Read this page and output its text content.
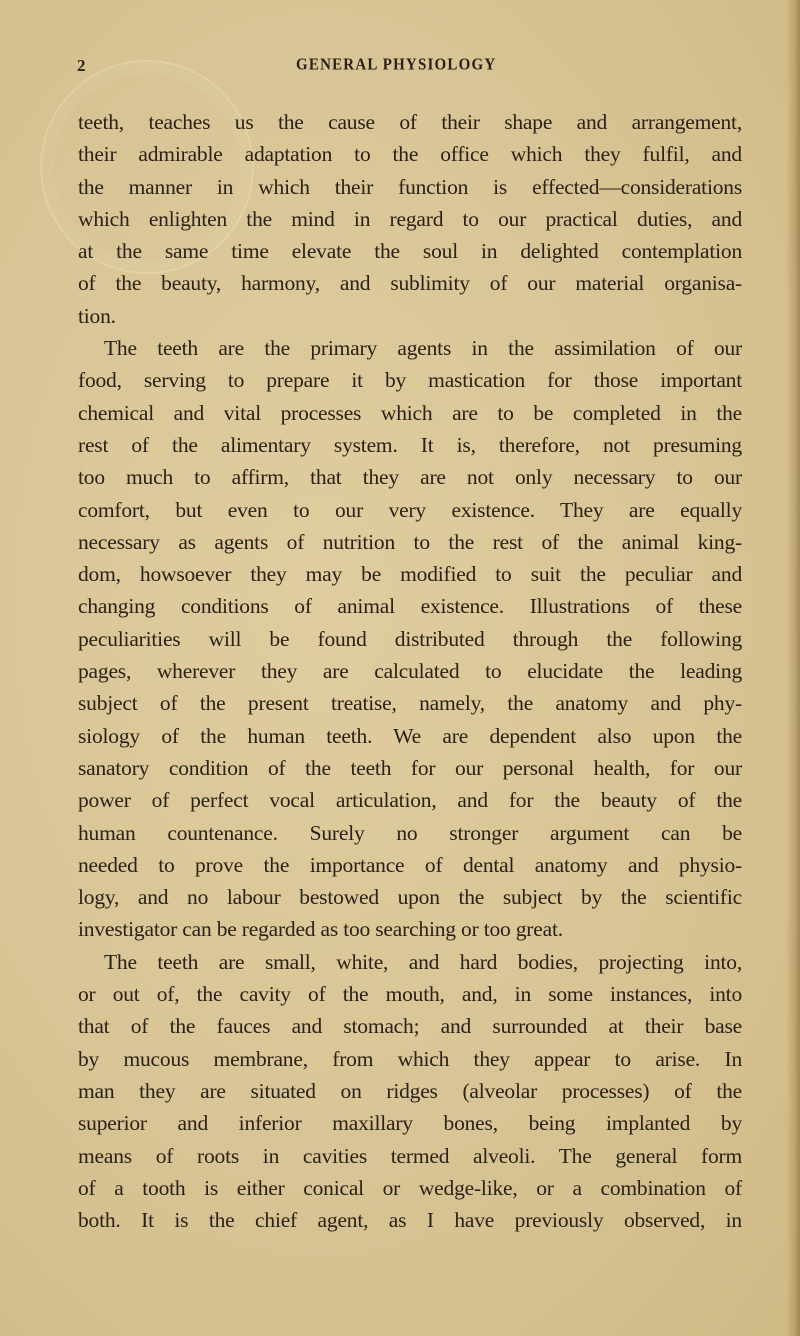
2	GENERAL PHYSIOLOGY
teeth, teaches us the cause of their shape and arrangement,
their admirable adaptation to the office which they fulfil, and
the manner in which their function is effected—considerations
which enlighten the mind in regard to our practical duties, and
at the same time elevate the soul in delighted contemplation
of the beauty, harmony, and sublimity of our material organisa-
tion.
The teeth are the primary agents in the assimilation of our
food, serving to prepare it by mastication for those important
chemical and vital processes which are to be completed in the
rest of the alimentary system. It is, therefore, not presuming
too much to affirm, that they are not only necessary to our
comfort, but even to our very existence. They are equally
necessary as agents of nutrition to the rest of the animal king-
dom, howsoever they may be modified to suit the peculiar and
changing conditions of animal existence. Illustrations of these
peculiarities will be found distributed through the following
pages, wherever they are calculated to elucidate the leading
subject of the present treatise, namely, the anatomy and phy-
siology of the human teeth. We are dependent also upon the
sanatory condition of the teeth for our personal health, for our
power of perfect vocal articulation, and for the beauty of the
human countenance. Surely no stronger argument can be
needed to prove the importance of dental anatomy and physio-
logy, and no labour bestowed upon the subject by the scientific
investigator can be regarded as too searching or too great.
The teeth are small, white, and hard bodies, projecting into,
or out of, the cavity of the mouth, and, in some instances, into
that of the fauces and stomach; and surrounded at their base
by mucous membrane, from which they appear to arise. In
man they are situated on ridges (alveolar processes) of the
superior and inferior maxillary bones, being implanted by
means of roots in cavities termed alveoli. The general form
of a tooth is either conical or wedge-like, or a combination of
both. It is the chief agent, as I have previously observed, in
